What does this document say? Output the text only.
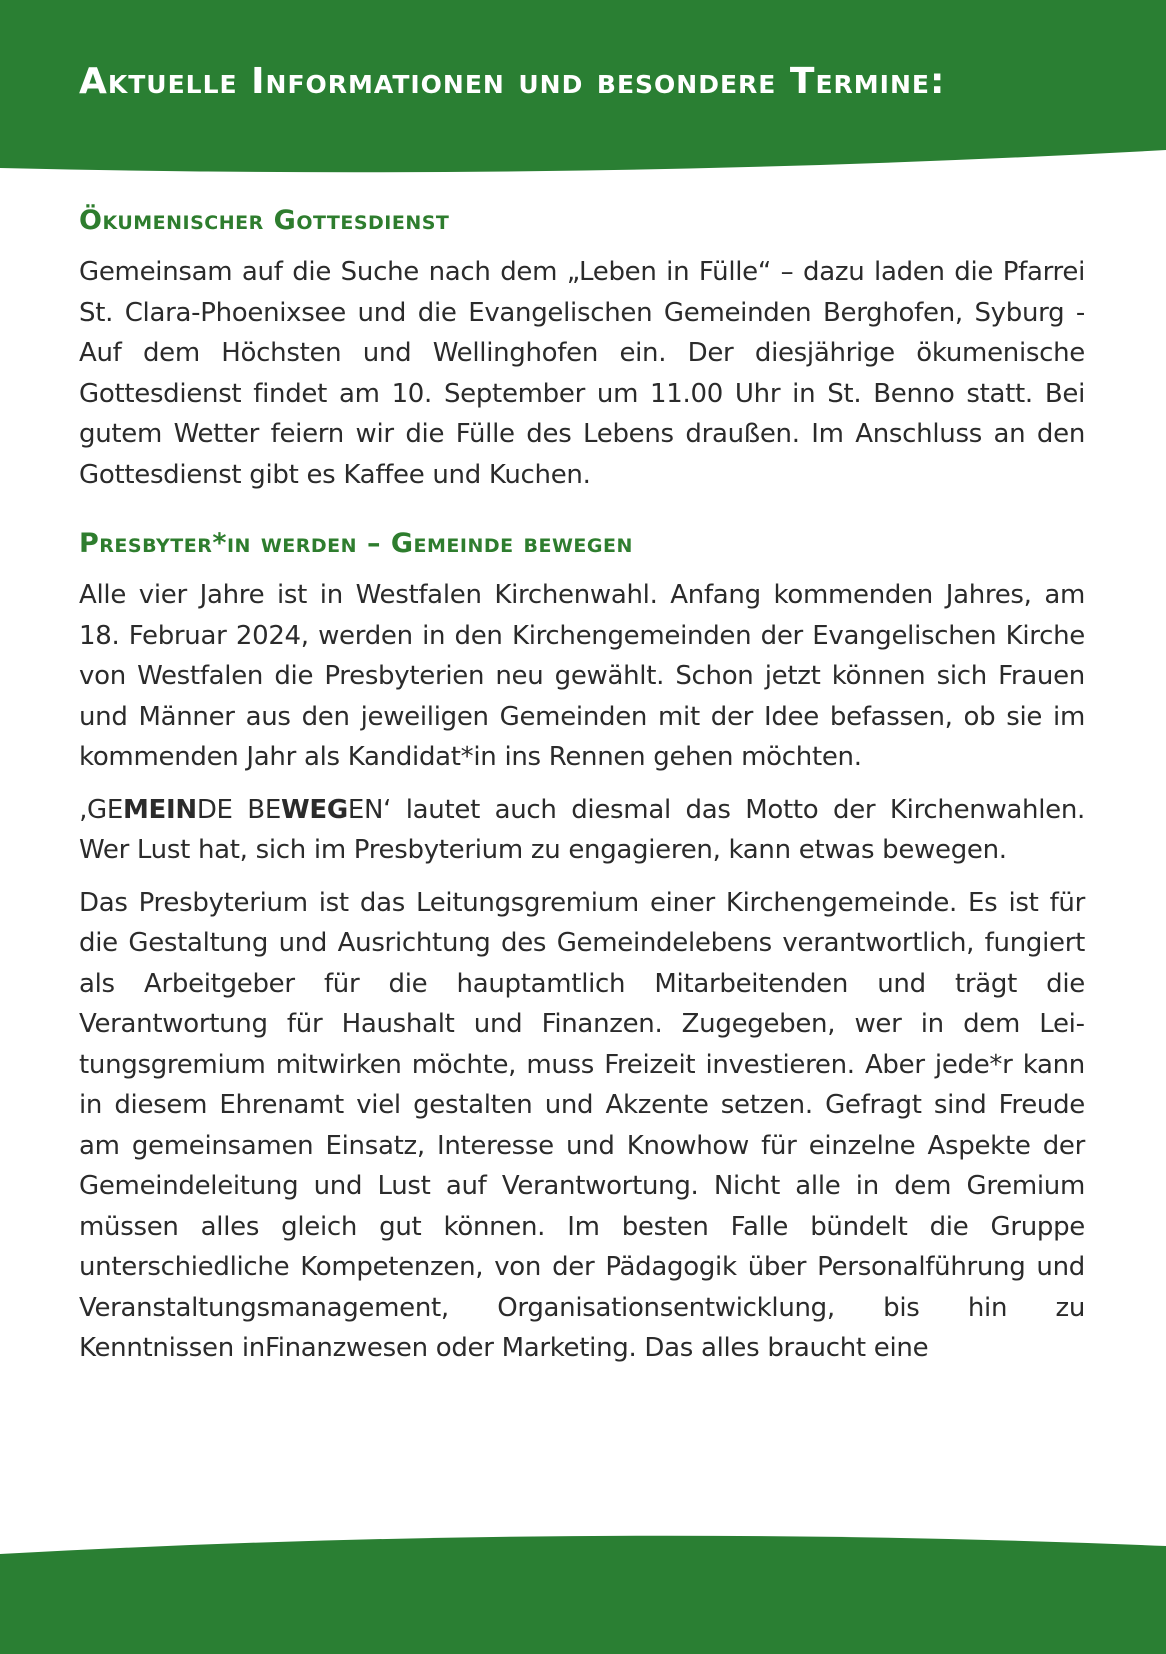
Aktuelle Informationen und besondere Termine:
Ökumenischer Gottesdienst

Gemeinsam auf die Suche nach dem „Leben in Fülle“ – dazu laden die Pfarrei St. Clara-Phoenixsee und die Evangelischen Gemeinden Berghofen, Syburg - Auf dem Höchsten und Wellinghofen ein. Der diesjährige ökumenische Gottesdienst findet am 10. September um 11.00 Uhr in St. Benno statt. Bei gutem Wetter feiern wir die Fülle des Lebens draußen. Im Anschluss an den Gottesdienst gibt es Kaffee und Kuchen.

Presbyter*in werden – Gemeinde bewegen

Alle vier Jahre ist in Westfalen Kirchenwahl. Anfang kommenden Jahres, am 18. Februar 2024, werden in den Kirchengemeinden der Evangelischen Kirche von Westfalen die Presbyterien neu gewählt. Schon jetzt können sich Frauen und Männer aus den jeweiligen Gemeinden mit der Idee befassen, ob sie im kommenden Jahr als Kandidat*in ins Rennen gehen möchten.

‚GEMEINDE BEWEGEN‘ lautet auch diesmal das Motto der Kirchenwahlen. Wer Lust hat, sich im Presbyterium zu engagieren, kann etwas bewegen.

Das Presbyterium ist das Leitungsgremium einer Kirchengemeinde. Es ist für die Gestaltung und Ausrichtung des Gemeindelebens verantwortlich, fungiert als Arbeitgeber für die hauptamtlich Mitarbeitenden und trägt die Verantwortung für Haushalt und Finanzen. Zugegeben, wer in dem Leitungsgremium mitwirken möchte, muss Freizeit investieren. Aber jede*r kann in diesem Ehrenamt viel gestalten und Akzente setzen. Gefragt sind Freude am gemeinsamen Einsatz, Interesse und Knowhow für einzelne Aspekte der Gemeindeleitung und Lust auf Verantwortung. Nicht alle in dem Gremium müssen alles gleich gut können. Im besten Falle bündelt die Gruppe unterschiedliche Kompetenzen, von der Pädagogik über Personalführung und Veranstaltungsmanagement, Organisationsentwicklung, bis hin zu Kenntnissen inFinanzwesen oder Marketing. Das alles braucht eine
